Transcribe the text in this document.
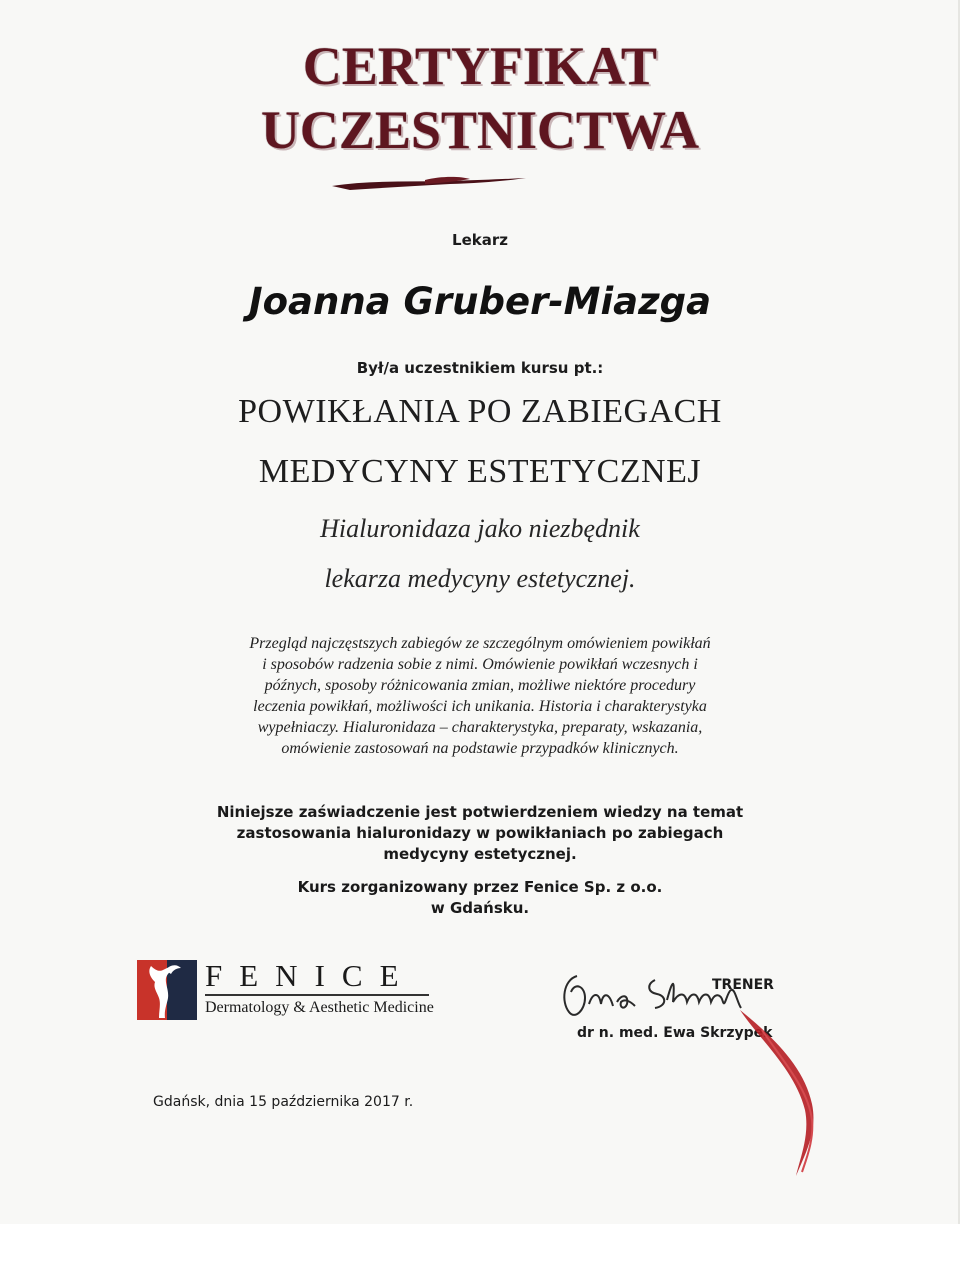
CERTYFIKAT
UCZESTNICTWA
Lekarz
Joanna Gruber-Miazga
Był/a uczestnikiem kursu pt.:
POWIKŁANIA PO ZABIEGACH
MEDYCYNY ESTETYCZNEJ
Hialuronidaza jako niezbędnik
lekarza medycyny estetycznej.
Przegląd najczęstszych zabiegów ze szczególnym omówieniem powikłań
i sposobów radzenia sobie z nimi. Omówienie powikłań wczesnych i
późnych, sposoby różnicowania zmian, możliwe niektóre procedury
leczenia powikłań, możliwości ich unikania. Historia i charakterystyka
wypełniaczy. Hialuronidaza – charakterystyka, preparaty, wskazania,
omówienie zastosowań na podstawie przypadków klinicznych.
Niniejsze zaświadczenie jest potwierdzeniem wiedzy na temat
zastosowania hialuronidazy w powikłaniach po zabiegach
medycyny estetycznej.
Kurs zorganizowany przez Fenice Sp. z o.o.
w Gdańsku.
FENICE
Dermatology & Aesthetic Medicine
TRENER
dr n. med. Ewa Skrzypek
Gdańsk, dnia 15 października 2017 r.
